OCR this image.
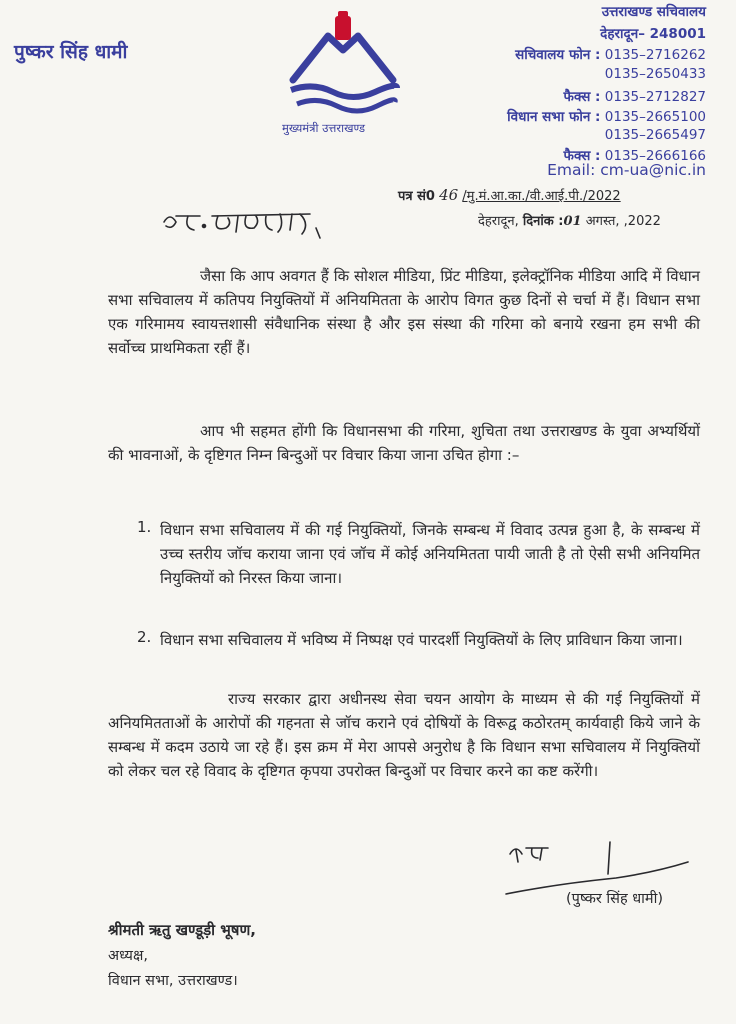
पुष्कर सिंह धामी
मुख्यमंत्री उत्तराखण्ड
उत्तराखण्ड सचिवालय
देहरादून– 248001
सचिवालय फोन : 0135–2716262
0135–2650433
फैक्स : 0135–2712827
विधान सभा फोन : 0135–2665100
0135–2665497
फैक्स : 0135–2666166
Email: cm-ua@nic.in
पत्र सं0 46 /मु.मं.आ.का./वी.आई.पी./2022
देहरादून, दिनांक :01 अगस्त, ,2022
जैसा कि आप अवगत हैं कि सोशल मीडिया, प्रिंट मीडिया, इलेक्ट्रॉनिक मीडिया आदि में विधान सभा सचिवालय में कतिपय नियुक्तियों में अनियमितता के आरोप विगत कुछ दिनों से चर्चा में हैं। विधान सभा एक गरिमामय स्वायत्तशासी संवैधानिक संस्था है और इस संस्था की गरिमा को बनाये रखना हम सभी की सर्वोच्च प्राथमिकता रहीं हैं।
आप भी सहमत होंगी कि विधानसभा की गरिमा, शुचिता तथा उत्तराखण्ड के युवा अभ्यर्थियों की भावनाओं, के दृष्टिगत निम्न बिन्दुओं पर विचार किया जाना उचित होगा :–
1. विधान सभा सचिवालय में की गई नियुक्तियों, जिनके सम्बन्ध में विवाद उत्पन्न हुआ है, के सम्बन्ध में उच्च स्तरीय जॉच कराया जाना एवं जॉच में कोई अनियमितता पायी जाती है तो ऐसी सभी अनियमित नियुक्तियों को निरस्त किया जाना।
2. विधान सभा सचिवालय में भविष्य में निष्पक्ष एवं पारदर्शी नियुक्तियों के लिए प्राविधान किया जाना।
राज्य सरकार द्वारा अधीनस्थ सेवा चयन आयोग के माध्यम से की गई नियुक्तियों में अनियमितताओं के आरोपों की गहनता से जॉच कराने एवं दोषियों के विरूद्व कठोरतम् कार्यवाही किये जाने के सम्बन्ध में कदम उठाये जा रहे हैं। इस क्रम में मेरा आपसे अनुरोध है कि विधान सभा सचिवालय में नियुक्तियों को लेकर चल रहे विवाद के दृष्टिगत कृपया उपरोक्त बिन्दुओं पर विचार करने का कष्ट करेंगी।
(पुष्कर सिंह धामी)
श्रीमती ऋतु खण्डूड़ी भूषण,
अध्यक्ष,
विधान सभा, उत्तराखण्ड।
